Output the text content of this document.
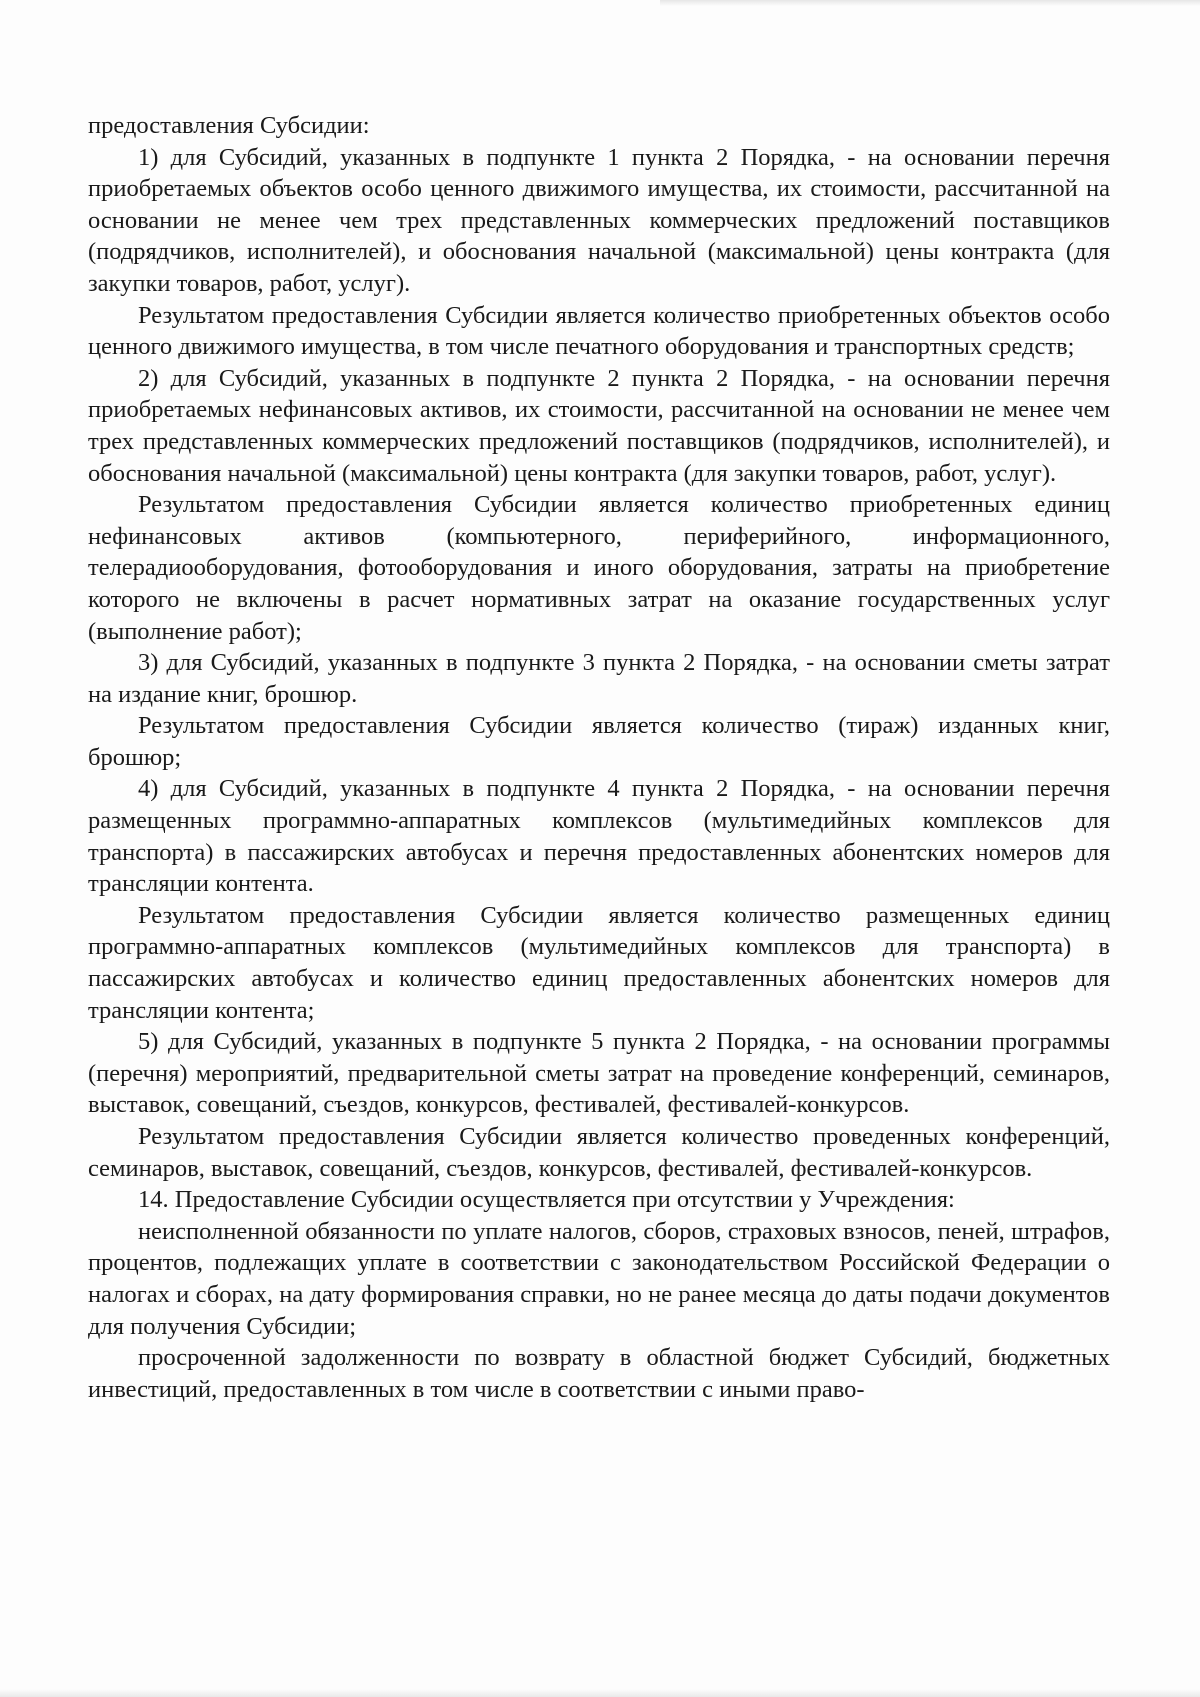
предоставления Субсидии:

1) для Субсидий, указанных в подпункте 1 пункта 2 Порядка, - на основании перечня приобретаемых объектов особо ценного движимого имущества, их стоимости, рассчитанной на основании не менее чем трех представленных коммерческих предложений поставщиков (подрядчиков, исполнителей), и обоснования начальной (максимальной) цены контракта (для закупки товаров, работ, услуг).

Результатом предоставления Субсидии является количество приобретенных объектов особо ценного движимого имущества, в том числе печатного оборудования и транспортных средств;

2) для Субсидий, указанных в подпункте 2 пункта 2 Порядка, - на основании перечня приобретаемых нефинансовых активов, их стоимости, рассчитанной на основании не менее чем трех представленных коммерческих предложений поставщиков (подрядчиков, исполнителей), и обоснования начальной (максимальной) цены контракта (для закупки товаров, работ, услуг).

Результатом предоставления Субсидии является количество приобретенных единиц нефинансовых активов (компьютерного, периферийного, информационного, телерадиооборудования, фотооборудования и иного оборудования, затраты на приобретение которого не включены в расчет нормативных затрат на оказание государственных услуг (выполнение работ);

3) для Субсидий, указанных в подпункте 3 пункта 2 Порядка, - на основании сметы затрат на издание книг, брошюр.

Результатом предоставления Субсидии является количество (тираж) изданных книг, брошюр;

4) для Субсидий, указанных в подпункте 4 пункта 2 Порядка, - на основании перечня размещенных программно-аппаратных комплексов (мультимедийных комплексов для транспорта) в пассажирских автобусах и перечня предоставленных абонентских номеров для трансляции контента.

Результатом предоставления Субсидии является количество размещенных единиц программно-аппаратных комплексов (мультимедийных комплексов для транспорта) в пассажирских автобусах и количество единиц предоставленных абонентских номеров для трансляции контента;

5) для Субсидий, указанных в подпункте 5 пункта 2 Порядка, - на основании программы (перечня) мероприятий, предварительной сметы затрат на проведение конференций, семинаров, выставок, совещаний, съездов, конкурсов, фестивалей, фестивалей-конкурсов.

Результатом предоставления Субсидии является количество проведенных конференций, семинаров, выставок, совещаний, съездов, конкурсов, фестивалей, фестивалей-конкурсов.

14. Предоставление Субсидии осуществляется при отсутствии у Учреждения:

неисполненной обязанности по уплате налогов, сборов, страховых взносов, пеней, штрафов, процентов, подлежащих уплате в соответствии с законодательством Российской Федерации о налогах и сборах, на дату формирования справки, но не ранее месяца до даты подачи документов для получения Субсидии;

просроченной задолженности по возврату в областной бюджет Субсидий, бюджетных инвестиций, предоставленных в том числе в соответствии с иными право-
